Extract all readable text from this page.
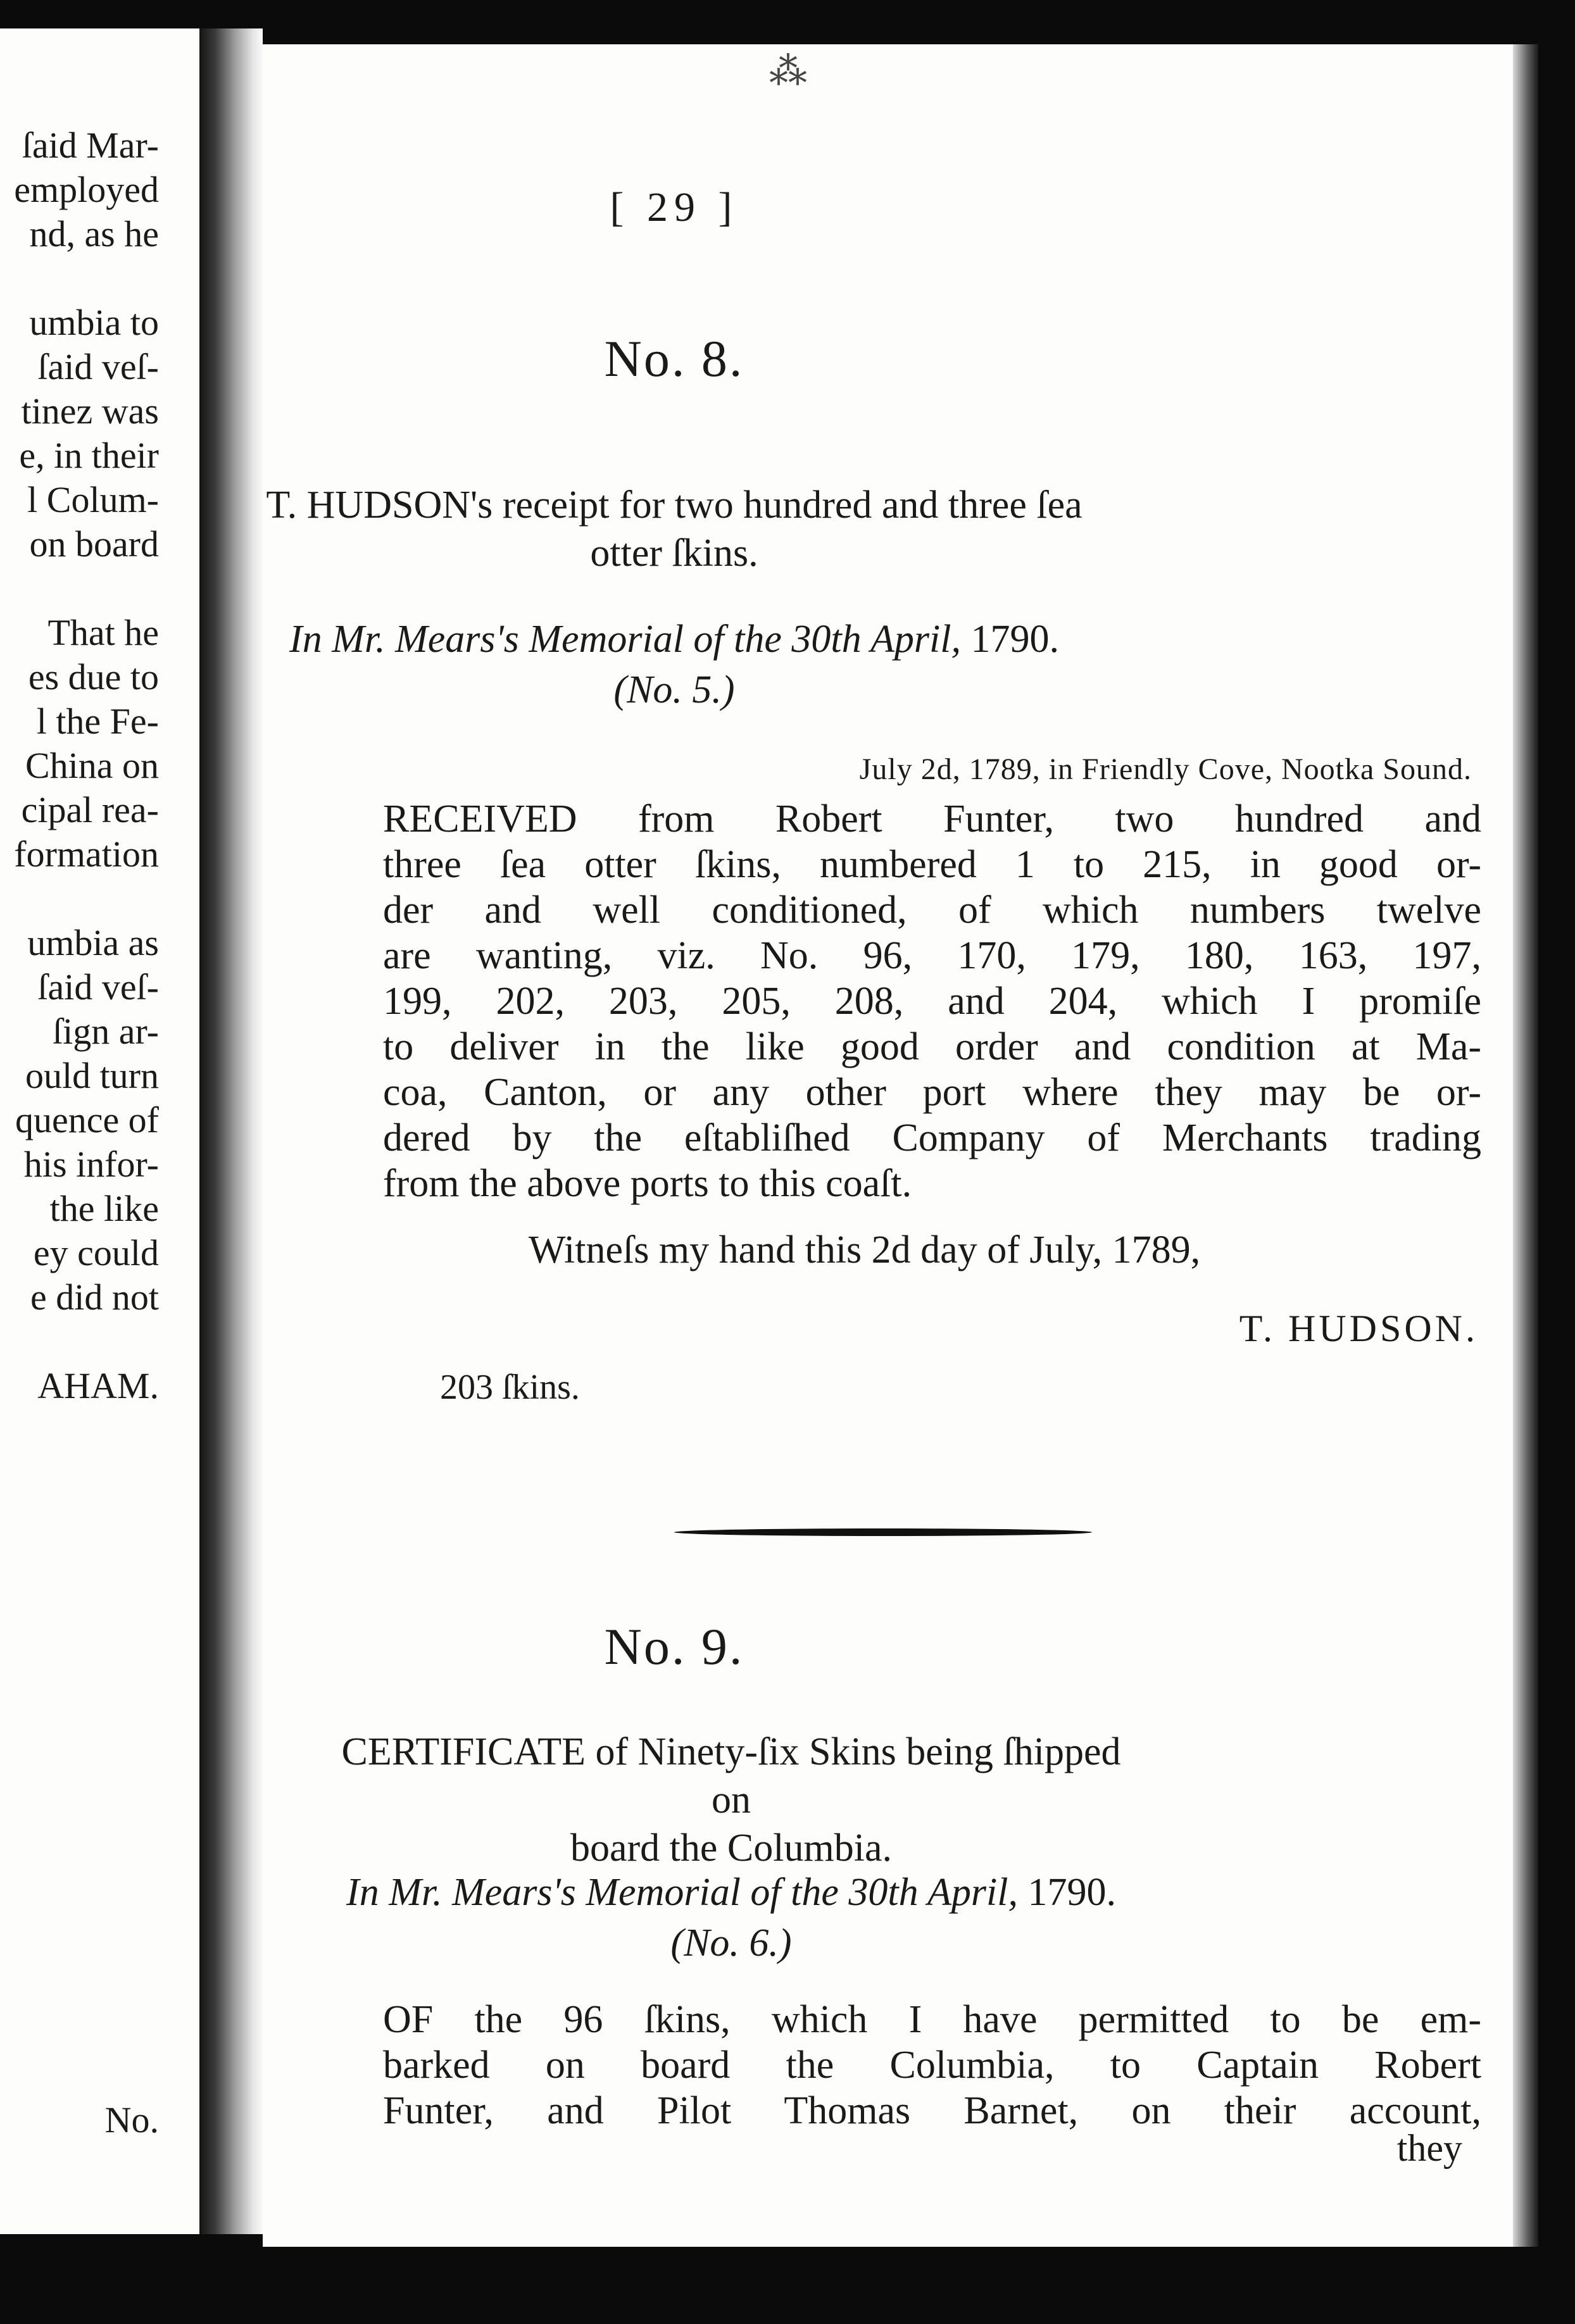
ſaid Mar-

employed

nd, as he

umbia to

ſaid veſ-

tinez was

e, in their

l Colum-

on board

That he

es due to

l the Fe-

China on

cipal rea-

formation

umbia as

ſaid veſ-

ſign ar-

ould turn

quence of

his infor-

the like

ey could

e did not

AHAM.

No.

⁂
[ 29 ]
No. 8.
T. HUDSON's receipt for two hundred and three ſea
otter ſkins.
In Mr. Mears's Memorial of the 30th April, 1790.
(No. 5.)
July 2d, 1789, in Friendly Cove, Nootka Sound.
RECEIVED from Robert Funter, two hundred and
three ſea otter ſkins, numbered 1 to 215, in good or-
der and well conditioned, of which numbers twelve
are wanting, viz. No. 96, 170, 179, 180, 163, 197,
199, 202, 203, 205, 208, and 204, which I promiſe
to deliver in the like good order and condition at Ma-
coa, Canton, or any other port where they may be or-
dered by the eſtabliſhed Company of Merchants trading
from the above ports to this coaſt.
Witneſs my hand this 2d day of July, 1789,
T. HUDSON.
203 ſkins.
No. 9.
CERTIFICATE of Ninety-ſix Skins being ſhipped on
board the Columbia.
In Mr. Mears's Memorial of the 30th April, 1790.
(No. 6.)
OF the 96 ſkins, which I have permitted to be em-
barked on board the Columbia, to Captain Robert
Funter, and Pilot Thomas Barnet, on their account,
they
